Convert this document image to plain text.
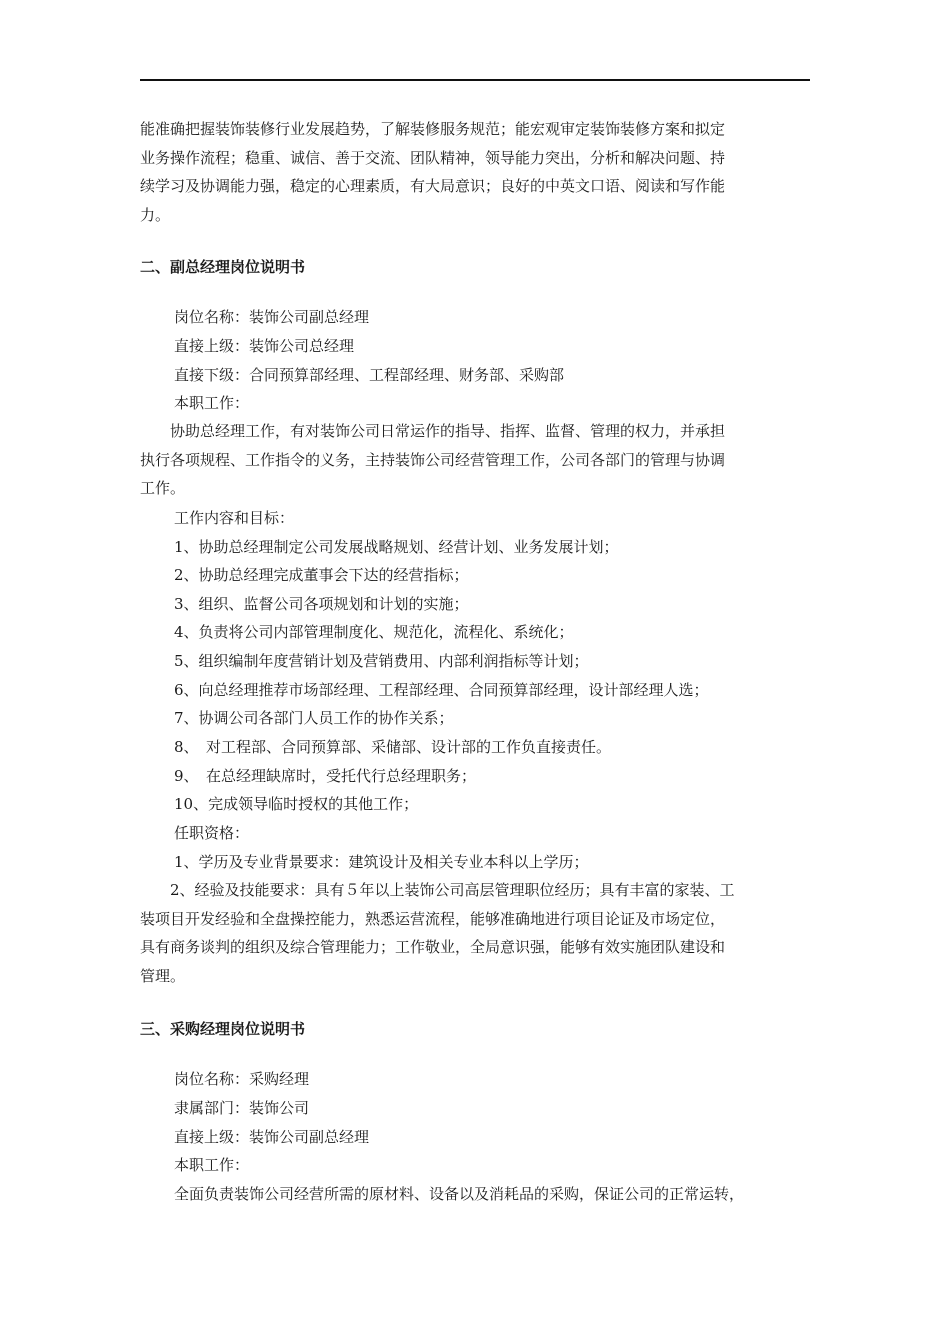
能准确把握装饰装修行业发展趋势，了解装修服务规范；能宏观审定装饰装修方案和拟定
业务操作流程；稳重、诚信、善于交流、团队精神，领导能力突出，分析和解决问题、持
续学习及协调能力强，稳定的心理素质，有大局意识；良好的中英文口语、阅读和写作能
力。
二、副总经理岗位说明书
岗位名称：装饰公司副总经理
直接上级：装饰公司总经理
直接下级：合同预算部经理、工程部经理、财务部、采购部
本职工作：
　　协助总经理工作，有对装饰公司日常运作的指导、指挥、监督、管理的权力，并承担
执行各项规程、工作指令的义务，主持装饰公司经营管理工作，公司各部门的管理与协调
工作。
工作内容和目标：
1、协助总经理制定公司发展战略规划、经营计划、业务发展计划；
2、协助总经理完成董事会下达的经营指标；
3、组织、监督公司各项规划和计划的实施；
4、负责将公司内部管理制度化、规范化，流程化、系统化；
5、组织编制年度营销计划及营销费用、内部利润指标等计划；
6、向总经理推荐市场部经理、工程部经理、合同预算部经理，设计部经理人选；
7、协调公司各部门人员工作的协作关系；
8、　对工程部、合同预算部、采储部、设计部的工作负直接责任。
9、　在总经理缺席时，受托代行总经理职务；
10、完成领导临时授权的其他工作；
任职资格：
1、学历及专业背景要求：建筑设计及相关专业本科以上学历；
　　2、经验及技能要求：具有５年以上装饰公司高层管理职位经历；具有丰富的家装、工
装项目开发经验和全盘操控能力，熟悉运营流程，能够准确地进行项目论证及市场定位，
具有商务谈判的组织及综合管理能力；工作敬业，全局意识强，能够有效实施团队建设和
管理。
三、采购经理岗位说明书
岗位名称：采购经理
隶属部门：装饰公司
直接上级：装饰公司副总经理
本职工作：
全面负责装饰公司经营所需的原材料、设备以及消耗品的采购，保证公司的正常运转，
